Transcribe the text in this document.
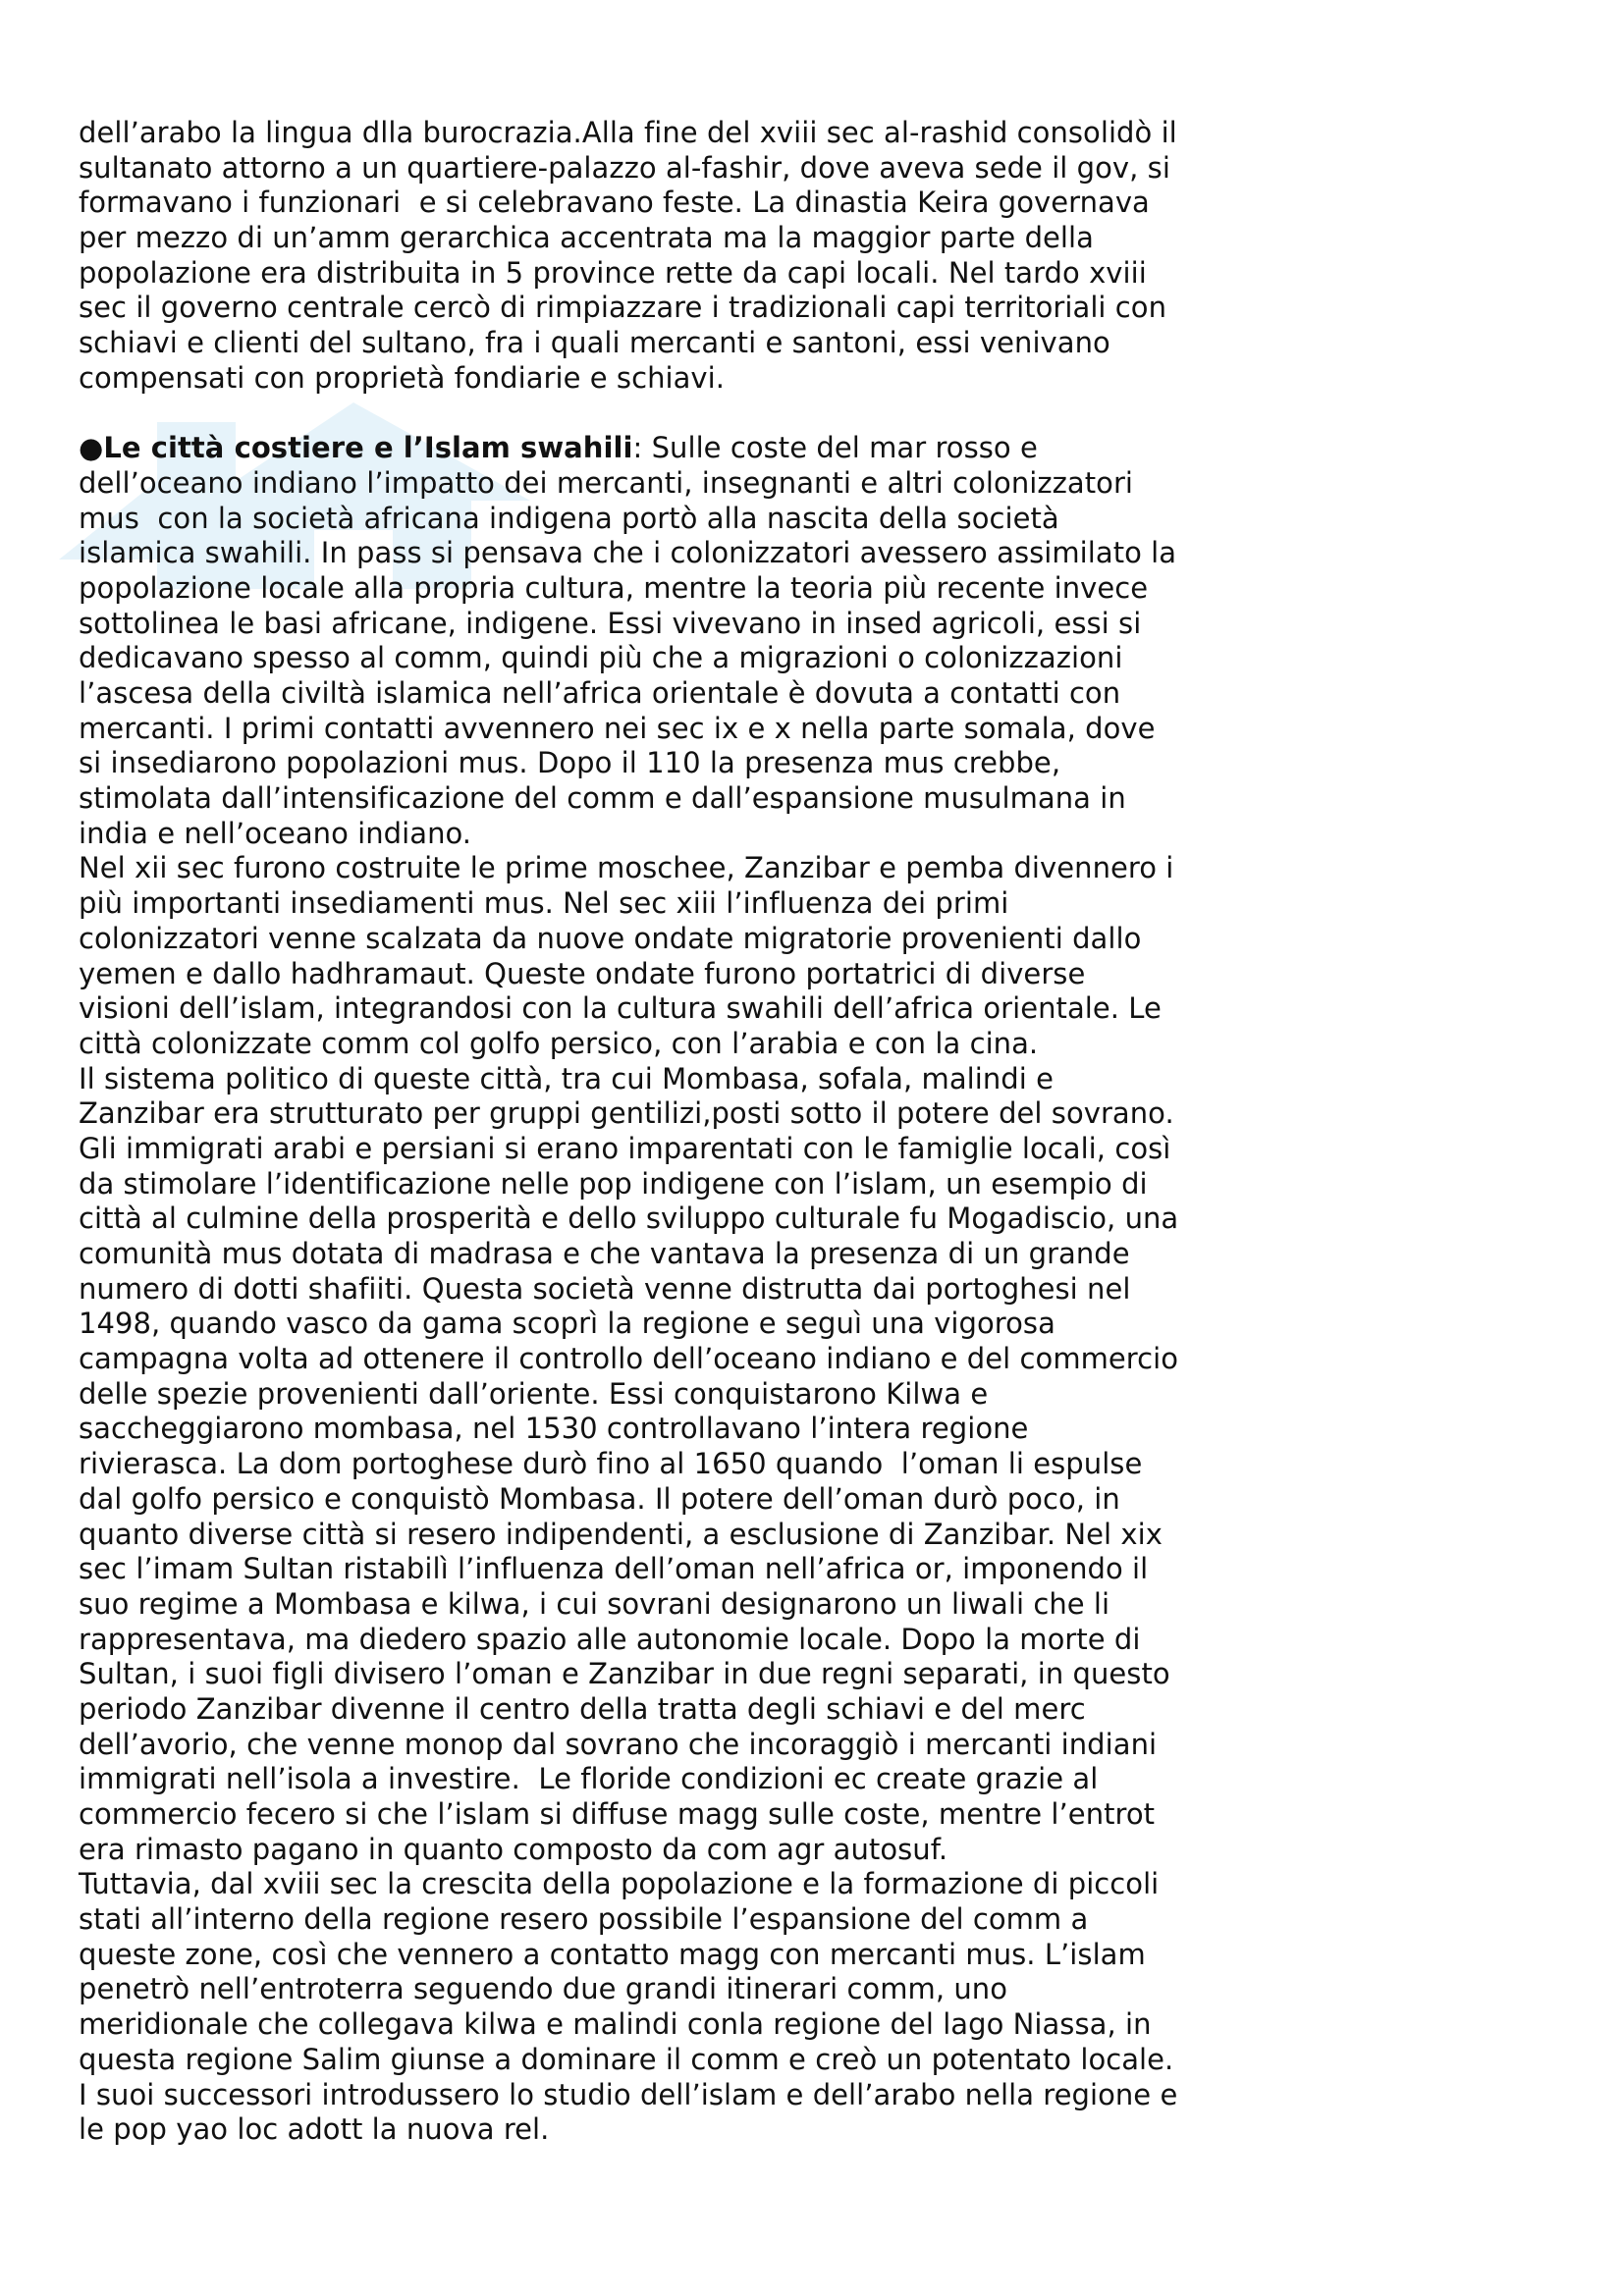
dell’arabo la lingua dlla burocrazia.Alla fine del xviii sec al-rashid consolidò il
sultanato attorno a un quartiere-palazzo al-fashir, dove aveva sede il gov, si
formavano i funzionari  e si celebravano feste. La dinastia Keira governava
per mezzo di un’amm gerarchica accentrata ma la maggior parte della
popolazione era distribuita in 5 province rette da capi locali. Nel tardo xviii
sec il governo centrale cercò di rimpiazzare i tradizionali capi territoriali con
schiavi e clienti del sultano, fra i quali mercanti e santoni, essi venivano
compensati con proprietà fondiarie e schiavi.
●Le città costiere e l’Islam swahili: Sulle coste del mar rosso e
dell’oceano indiano l’impatto dei mercanti, insegnanti e altri colonizzatori
mus  con la società africana indigena portò alla nascita della società
islamica swahili. In pass si pensava che i colonizzatori avessero assimilato la
popolazione locale alla propria cultura, mentre la teoria più recente invece
sottolinea le basi africane, indigene. Essi vivevano in insed agricoli, essi si
dedicavano spesso al comm, quindi più che a migrazioni o colonizzazioni
l’ascesa della civiltà islamica nell’africa orientale è dovuta a contatti con
mercanti. I primi contatti avvennero nei sec ix e x nella parte somala, dove
si insediarono popolazioni mus. Dopo il 110 la presenza mus crebbe,
stimolata dall’intensificazione del comm e dall’espansione musulmana in
india e nell’oceano indiano.
Nel xii sec furono costruite le prime moschee, Zanzibar e pemba divennero i
più importanti insediamenti mus. Nel sec xiii l’influenza dei primi
colonizzatori venne scalzata da nuove ondate migratorie provenienti dallo
yemen e dallo hadhramaut. Queste ondate furono portatrici di diverse
visioni dell’islam, integrandosi con la cultura swahili dell’africa orientale. Le
città colonizzate comm col golfo persico, con l’arabia e con la cina.
Il sistema politico di queste città, tra cui Mombasa, sofala, malindi e
Zanzibar era strutturato per gruppi gentilizi,posti sotto il potere del sovrano.
Gli immigrati arabi e persiani si erano imparentati con le famiglie locali, così
da stimolare l’identificazione nelle pop indigene con l’islam, un esempio di
città al culmine della prosperità e dello sviluppo culturale fu Mogadiscio, una
comunità mus dotata di madrasa e che vantava la presenza di un grande
numero di dotti shafiiti. Questa società venne distrutta dai portoghesi nel
1498, quando vasco da gama scoprì la regione e seguì una vigorosa
campagna volta ad ottenere il controllo dell’oceano indiano e del commercio
delle spezie provenienti dall’oriente. Essi conquistarono Kilwa e
saccheggiarono mombasa, nel 1530 controllavano l’intera regione
rivierasca. La dom portoghese durò fino al 1650 quando  l’oman li espulse
dal golfo persico e conquistò Mombasa. Il potere dell’oman durò poco, in
quanto diverse città si resero indipendenti, a esclusione di Zanzibar. Nel xix
sec l’imam Sultan ristabilì l’influenza dell’oman nell’africa or, imponendo il
suo regime a Mombasa e kilwa, i cui sovrani designarono un liwali che li
rappresentava, ma diedero spazio alle autonomie locale. Dopo la morte di
Sultan, i suoi figli divisero l’oman e Zanzibar in due regni separati, in questo
periodo Zanzibar divenne il centro della tratta degli schiavi e del merc
dell’avorio, che venne monop dal sovrano che incoraggiò i mercanti indiani
immigrati nell’isola a investire.  Le floride condizioni ec create grazie al
commercio fecero si che l’islam si diffuse magg sulle coste, mentre l’entrot
era rimasto pagano in quanto composto da com agr autosuf.
Tuttavia, dal xviii sec la crescita della popolazione e la formazione di piccoli
stati all’interno della regione resero possibile l’espansione del comm a
queste zone, così che vennero a contatto magg con mercanti mus. L’islam
penetrò nell’entroterra seguendo due grandi itinerari comm, uno
meridionale che collegava kilwa e malindi conla regione del lago Niassa, in
questa regione Salim giunse a dominare il comm e creò un potentato locale.
I suoi successori introdussero lo studio dell’islam e dell’arabo nella regione e
le pop yao loc adott la nuova rel.
